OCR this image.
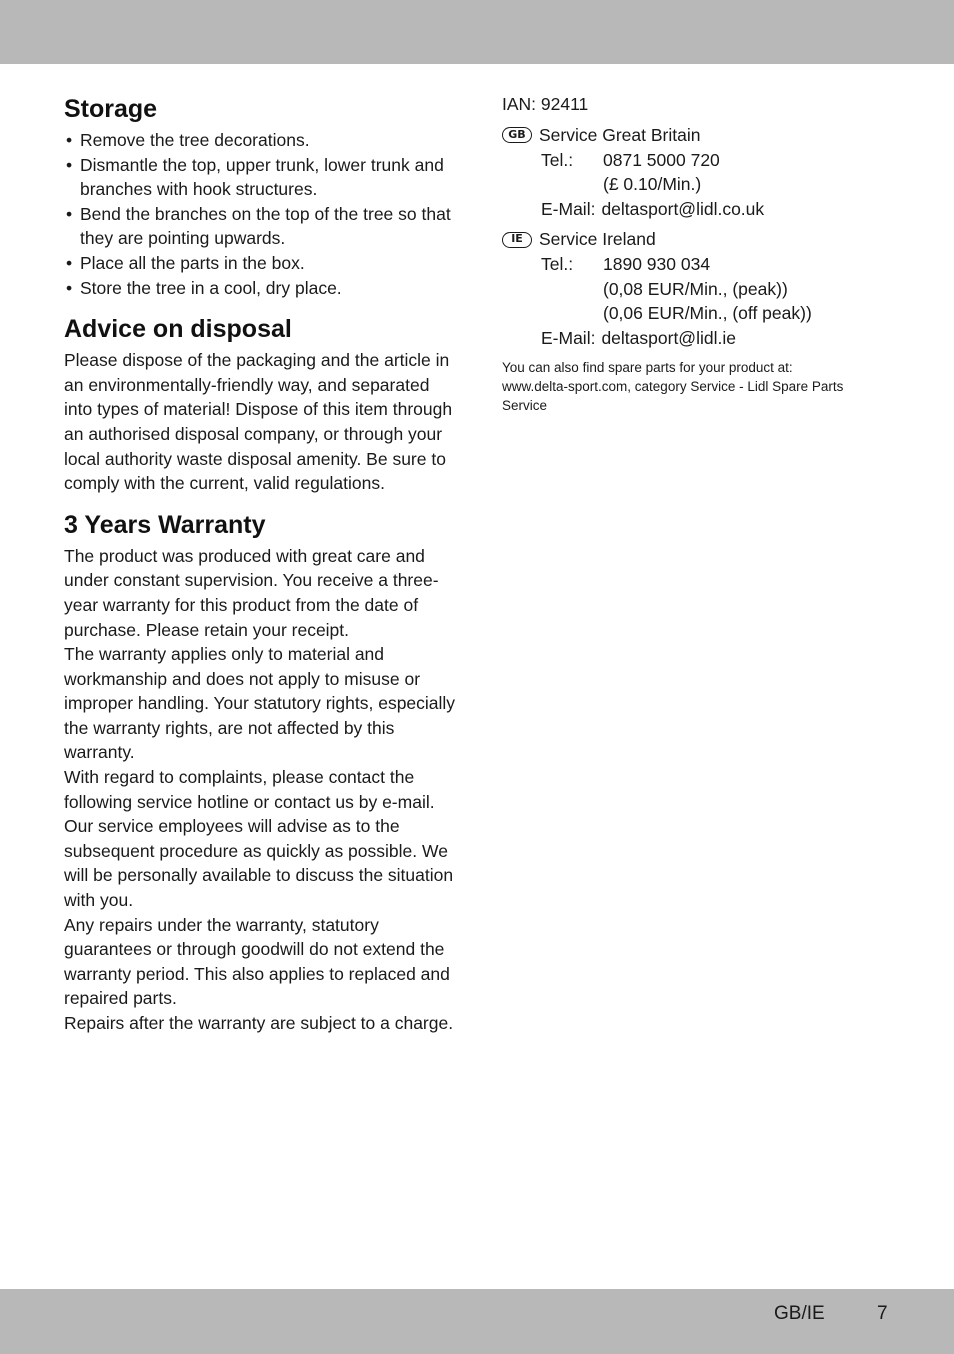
Storage
• Remove the tree decorations.
• Dismantle the top, upper trunk, lower trunk and branches with hook structures.
• Bend the branches on the top of the tree so that they are pointing upwards.
• Place all the parts in the box.
• Store the tree in a cool, dry place.
Advice on disposal

Please dispose of the packaging and the article in an environmentally-friendly way, and separated into types of material! Dispose of this item through an authorised disposal company, or through your local authority waste disposal amenity. Be sure to comply with the current, valid regulations.

3 Years Warranty

The product was produced with great care and under constant supervision. You receive a three-year warranty for this product from the date of purchase. Please retain your receipt.

The warranty applies only to material and workmanship and does not apply to misuse or improper handling. Your statutory rights, especially the warranty rights, are not affected by this warranty.

With regard to complaints, please contact the following service hotline or contact us by e-mail. Our service employees will advise as to the subsequent procedure as quickly as possible. We will be personally available to discuss the situation with you.

Any repairs under the warranty, statutory guarantees or through goodwill do not extend the warranty period. This also applies to replaced and repaired parts.

Repairs after the warranty are subject to a charge.

IAN: 92411
GB Service Great Britain
Tel.:	0871 5000 720
(£ 0.10/Min.)
E-Mail: deltasport@lidl.co.uk
IE Service Ireland
Tel.:	1890 930 034
(0,08 EUR/Min., (peak))
(0,06 EUR/Min., (off peak))
E-Mail: deltasport@lidl.ie
You can also find spare parts for your product at: www.delta-sport.com, category Service - Lidl Spare Parts Service
GB/IE	7
